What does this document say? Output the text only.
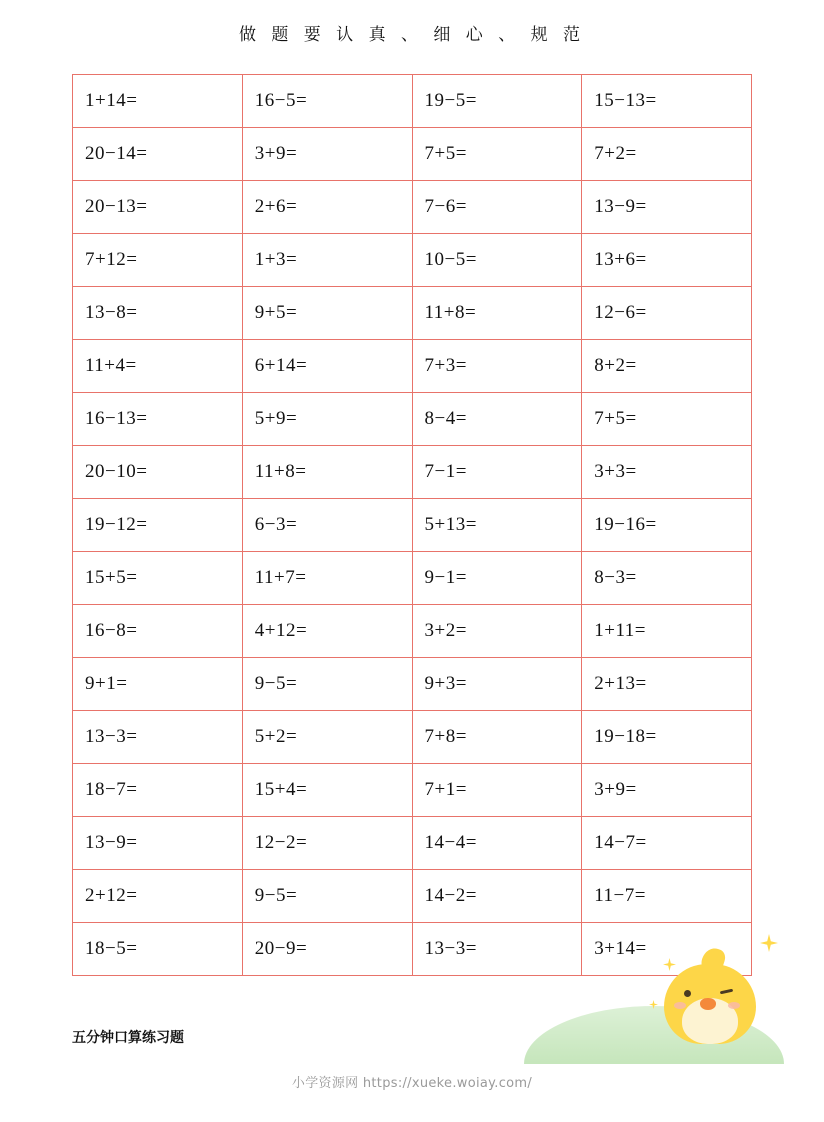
做 题 要 认 真 、 细 心 、 规 范
1+14=	16−5=	19−5=	15−13=
20−14=	3+9=	7+5=	7+2=
20−13=	2+6=	7−6=	13−9=
7+12=	1+3=	10−5=	13+6=
13−8=	9+5=	11+8=	12−6=
11+4=	6+14=	7+3=	8+2=
16−13=	5+9=	8−4=	7+5=
20−10=	11+8=	7−1=	3+3=
19−12=	6−3=	5+13=	19−16=
15+5=	11+7=	9−1=	8−3=
16−8=	4+12=	3+2=	1+11=
9+1=	9−5=	9+3=	2+13=
13−3=	5+2=	7+8=	19−18=
18−7=	15+4=	7+1=	3+9=
13−9=	12−2=	14−4=	14−7=
2+12=	9−5=	14−2=	11−7=
18−5=	20−9=	13−3=	3+14=
五分钟口算练习题
小学资源网 https://xueke.woiay.com/
